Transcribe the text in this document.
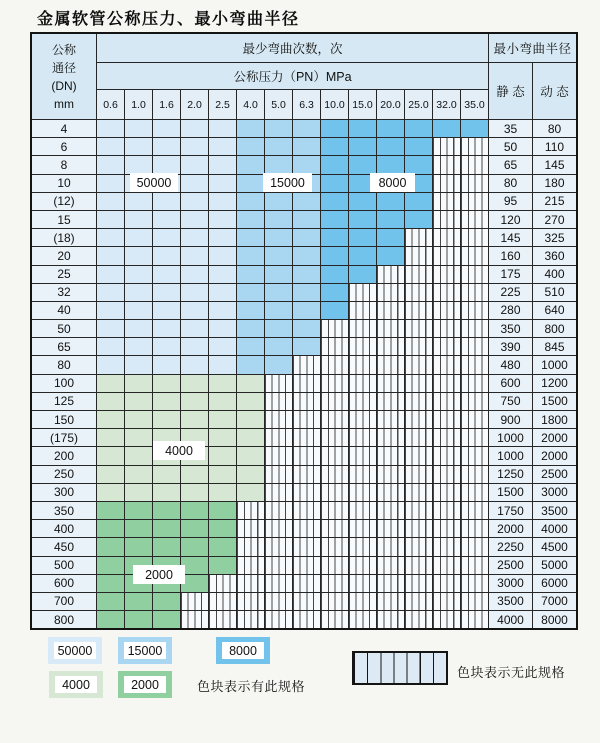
金属软管公称压力、最小弯曲半径
公称
通径
(DN)
mm
最少弯曲次数，次	最小弯曲半径
公称压力（PN）MPa
静 态	动 态
0.6	1.0	1.6	2.0	2.5	4.0	5.0	6.3 10.0 15.0 20.0 25.0 32.0 35.0
4	35	80
6	50	110
8	65	145
10	80	180
(12)	95	215
15	120	270
(18)	145	325
20	160	360
25	175	400
32	225	510
40	280	640
50	350	800
65	390	845
80	480	1000
100	600	1200
125	750	1500
150	900	1800
(175)	1000	2000
200	1000	2000
250	1250	2500
300	1500	3000
350	1750	3500
400	2000	4000
450	2250	4500
500	2500	5000
600	3000	6000
700	3500	7000
800	4000	8000
50000	15000	8000
4000
2000
50000	15000	8000
4000	2000	色块表示有此规格
色块表示无此规格
